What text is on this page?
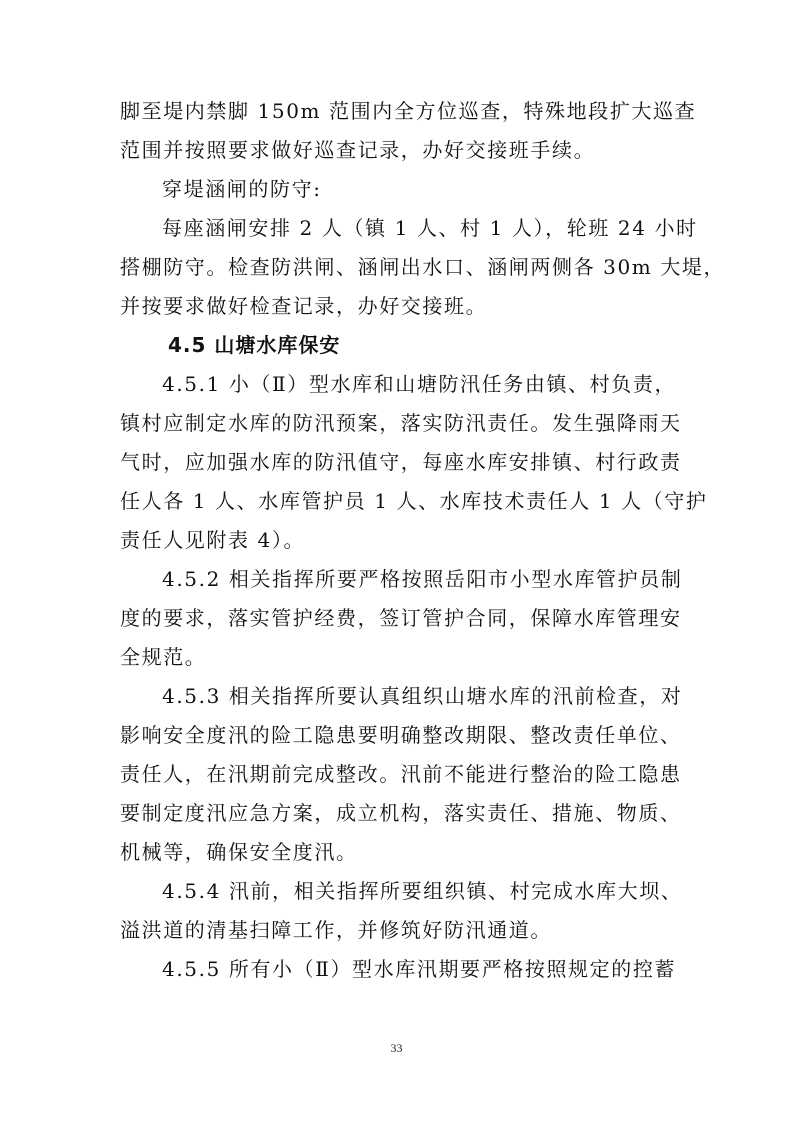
脚至堤内禁脚 150m 范围内全方位巡查，特殊地段扩大巡查
范围并按照要求做好巡查记录，办好交接班手续。
穿堤涵闸的防守:
每座涵闸安排 2 人（镇 1 人、村 1 人），轮班 24 小时
搭棚防守。检查防洪闸、涵闸出水口、涵闸两侧各 30m 大堤，
并按要求做好检查记录，办好交接班。
4.5 山塘水库保安
4.5.1 小（Ⅱ）型水库和山塘防汛任务由镇、村负责，
镇村应制定水库的防汛预案，落实防汛责任。发生强降雨天
气时，应加强水库的防汛值守，每座水库安排镇、村行政责
任人各 1 人、水库管护员 1 人、水库技术责任人 1 人（守护
责任人见附表 4）。
4.5.2 相关指挥所要严格按照岳阳市小型水库管护员制
度的要求，落实管护经费，签订管护合同，保障水库管理安
全规范。
4.5.3 相关指挥所要认真组织山塘水库的汛前检查，对
影响安全度汛的险工隐患要明确整改期限、整改责任单位、
责任人，在汛期前完成整改。汛前不能进行整治的险工隐患
要制定度汛应急方案，成立机构，落实责任、措施、物质、
机械等，确保安全度汛。
4.5.4 汛前，相关指挥所要组织镇、村完成水库大坝、
溢洪道的清基扫障工作，并修筑好防汛通道。
4.5.5 所有小（Ⅱ）型水库汛期要严格按照规定的控蓄
33
